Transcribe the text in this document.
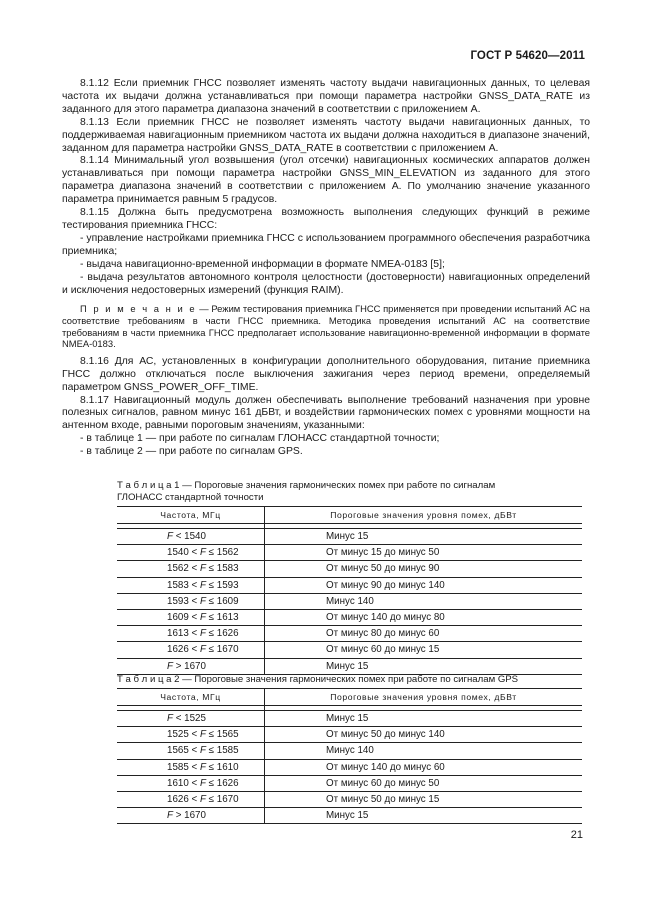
ГОСТ Р 54620—2011

8.1.12 Если приемник ГНСС позволяет изменять частоту выдачи навигационных данных, то целевая частота их выдачи должна устанавливаться при помощи параметра настройки GNSS_DATA_RATE из заданного для этого параметра диапазона значений в соответствии с приложением А.

8.1.13 Если приемник ГНСС не позволяет изменять частоту выдачи навигационных данных, то поддерживаемая навигационным приемником частота их выдачи должна находиться в диапазоне значений, заданном для параметра настройки GNSS_DATA_RATE в соответствии с приложением А.

8.1.14 Минимальный угол возвышения (угол отсечки) навигационных космических аппаратов должен устанавливаться при помощи параметра настройки GNSS_MIN_ELEVATION из заданного для этого параметра диапазона значений в соответствии с приложением А. По умолчанию значение указанного параметра принимается равным 5 градусов.

8.1.15 Должна быть предусмотрена возможность выполнения следующих функций в режиме тестирования приемника ГНСС:

- управление настройками приемника ГНСС с использованием программного обеспечения разработчика приемника;

- выдача навигационно-временной информации в формате NMEA-0183 [5];

- выдача результатов автономного контроля целостности (достоверности) навигационных определений и исключения недостоверных измерений (функция RAIM).

П р и м е ч а н и е — Режим тестирования приемника ГНСС применяется при проведении испытаний АС на соответствие требованиям в части ГНСС приемника. Методика проведения испытаний АС на соответствие требованиям в части приемника ГНСС предполагает использование навигационно-временной информации в формате NMEA-0183.

8.1.16 Для АС, установленных в конфигурации дополнительного оборудования, питание приемника ГНСС должно отключаться после выключения зажигания через период времени, определяемый параметром GNSS_POWER_OFF_TIME.

8.1.17 Навигационный модуль должен обеспечивать выполнение требований назначения при уровне полезных сигналов, равном минус 161 дБВт, и воздействии гармонических помех с уровнями мощности на антенном входе, равными пороговым значениям, указанными:

- в таблице 1 — при работе по сигналам ГЛОНАСС стандартной точности;

- в таблице 2 — при работе по сигналам GPS.

Т а б л и ц а 1 — Пороговые значения гармонических помех при работе по сигналам ГЛОНАСС стандартной точности
Частота, МГц	Пороговые значения уровня помех, дБВт

F < 1540	Минус 15
1540 < F ≤ 1562	От минус 15 до минус 50
1562 < F ≤ 1583	От минус 50 до минус 90
1583 < F ≤ 1593	От минус 90 до минус 140
1593 < F ≤ 1609	Минус 140
1609 < F ≤ 1613	От минус 140 до минус 80
1613 < F ≤ 1626	От минус 80 до минус 60
1626 < F ≤ 1670	От минус 60 до минус 15
F > 1670	Минус 15
Т а б л и ц а 2 — Пороговые значения гармонических помех при работе по сигналам GPS
Частота, МГц	Пороговые значения уровня помех, дБВт

F < 1525	Минус 15
1525 < F ≤ 1565	От минус 50 до минус 140
1565 < F ≤ 1585	Минус 140
1585 < F ≤ 1610	От минус 140 до минус 60
1610 < F ≤ 1626	От минус 60 до минус 50
1626 < F ≤ 1670	От минус 50 до минус 15
F > 1670	Минус 15
21
